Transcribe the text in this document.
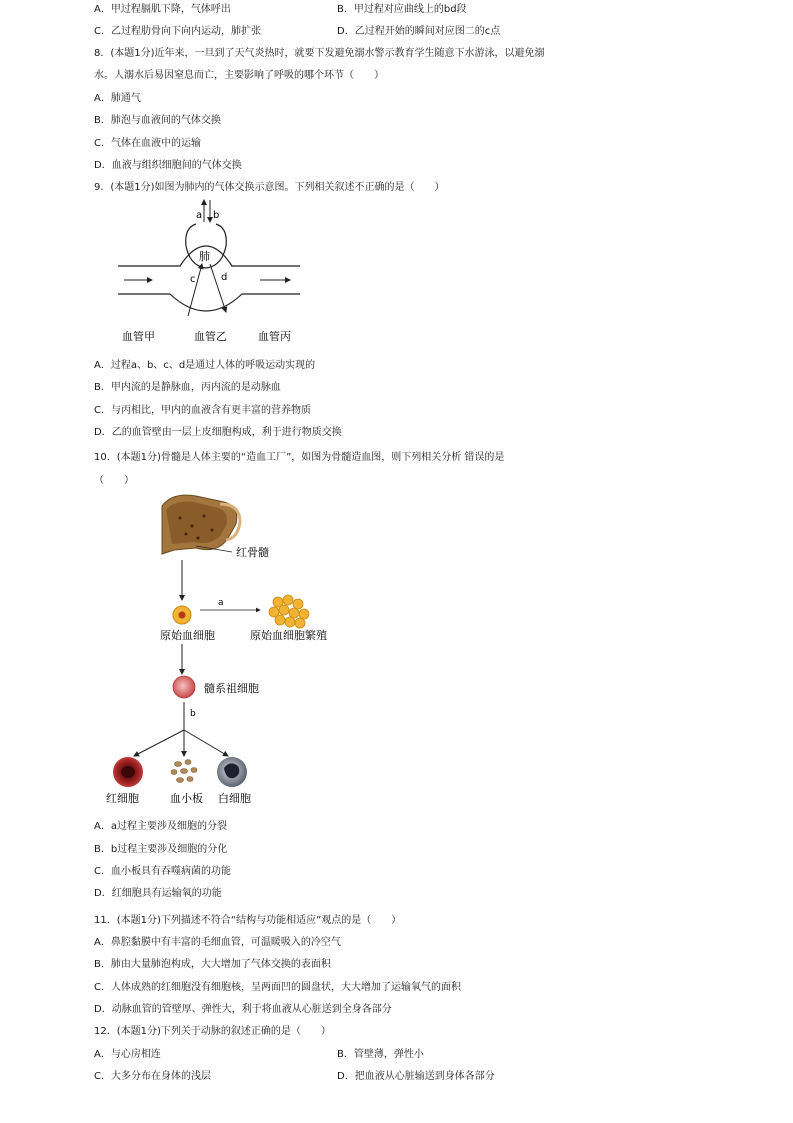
A．甲过程膈肌下降，气体呼出	B．甲过程对应曲线上的bd段
C．乙过程肋骨向下向内运动，肺扩张	D．乙过程开始的瞬间对应图二的c点
8．(本题1分)近年来，一旦到了天气炎热时，就要下发避免溺水警示教育学生随意下水游泳，以避免溺
水。人溺水后易因窒息而亡，主要影响了呼吸的哪个环节（　　）
A．肺通气
B．肺泡与血液间的气体交换
C．气体在血液中的运输
D．血液与组织细胞间的气体交换
9．(本题1分)如图为肺内的气体交换示意图。下列相关叙述不正确的是（　　）
肺
a b
c	d
血管甲	血管乙	血管丙
A．过程a、b、c、d是通过人体的呼吸运动实现的
B．甲内流的是静脉血，丙内流的是动脉血
C．与丙相比，甲内的血液含有更丰富的营养物质
D．乙的血管壁由一层上皮细胞构成，利于进行物质交换
10．(本题1分)骨髓是人体主要的“造血工厂”，如图为骨髓造血图，则下列相关分析 错误的是
（　　）
红骨髓
原始血细胞
a
原始血细胞繁殖
髓系祖细胞
b
红细胞	血小板 白细胞
A．a过程主要涉及细胞的分裂
B．b过程主要涉及细胞的分化
C．血小板具有吞噬病菌的功能
D．红细胞具有运输氧的功能
11．(本题1分)下列描述不符合“结构与功能相适应”观点的是（　　）
A．鼻腔黏膜中有丰富的毛细血管，可温暖吸入的冷空气
B．肺由大量肺泡构成，大大增加了气体交换的表面积
C．人体成熟的红细胞没有细胞核，呈两面凹的圆盘状，大大增加了运输氧气的面积
D．动脉血管的管壁厚、弹性大，利于将血液从心脏送到全身各部分
12．(本题1分)下列关于动脉的叙述正确的是（　　）
A．与心房相连	B．管壁薄，弹性小
C．大多分布在身体的浅层	D．把血液从心脏输送到身体各部分
